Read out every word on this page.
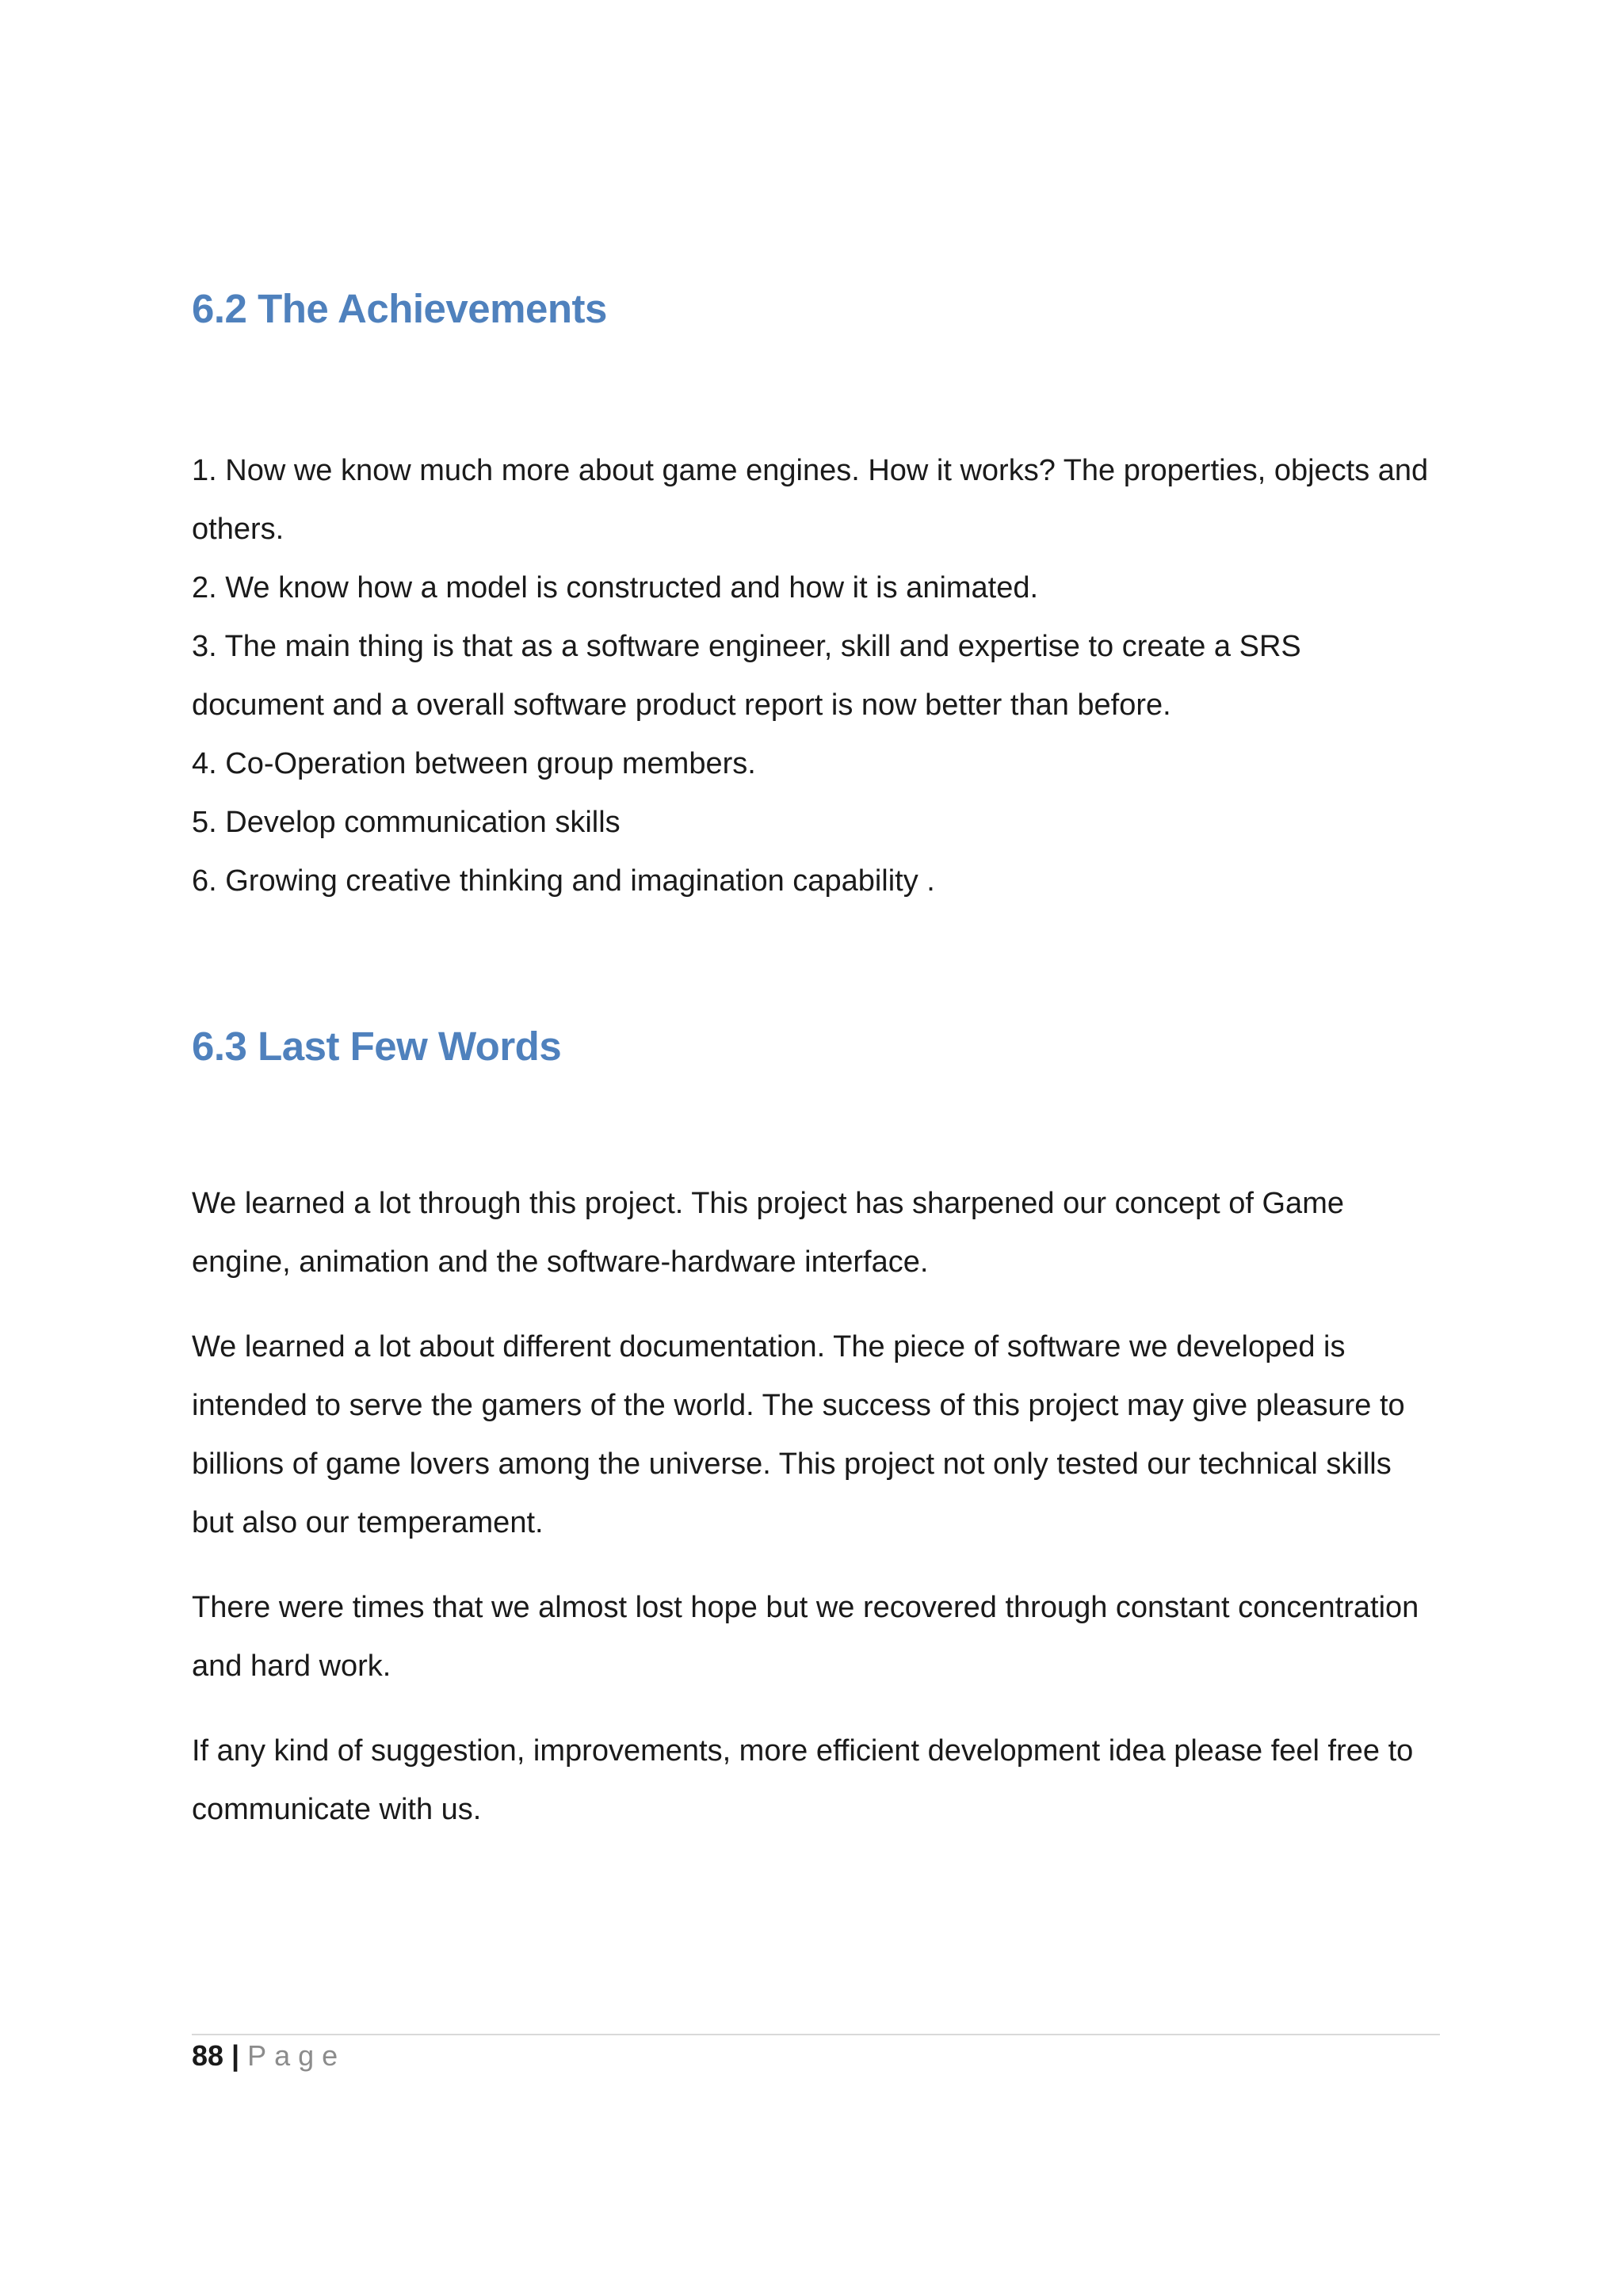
6.2 The Achievements
1. Now we know much more about game engines. How it works? The properties, objects and others.
2. We know how a model is constructed and how it is animated.
3. The main thing is that as a software engineer, skill and expertise to create a SRS document and a overall software product report is now better than before.
4. Co-Operation between group members.
5. Develop communication skills
6. Growing creative thinking and imagination capability .
6.3 Last Few Words

We learned a lot through this project. This project has sharpened our concept of Game engine, animation and the software-hardware interface.

We learned a lot about different documentation. The piece of software we developed is intended to serve the gamers of the world. The success of this project may give pleasure to billions of game lovers among the universe. This project not only tested our technical skills but also our temperament.

There were times that we almost lost hope but we recovered through constant concentration and hard work.

If any kind of suggestion, improvements, more efficient development idea please feel free to communicate with us.

88 | Page
